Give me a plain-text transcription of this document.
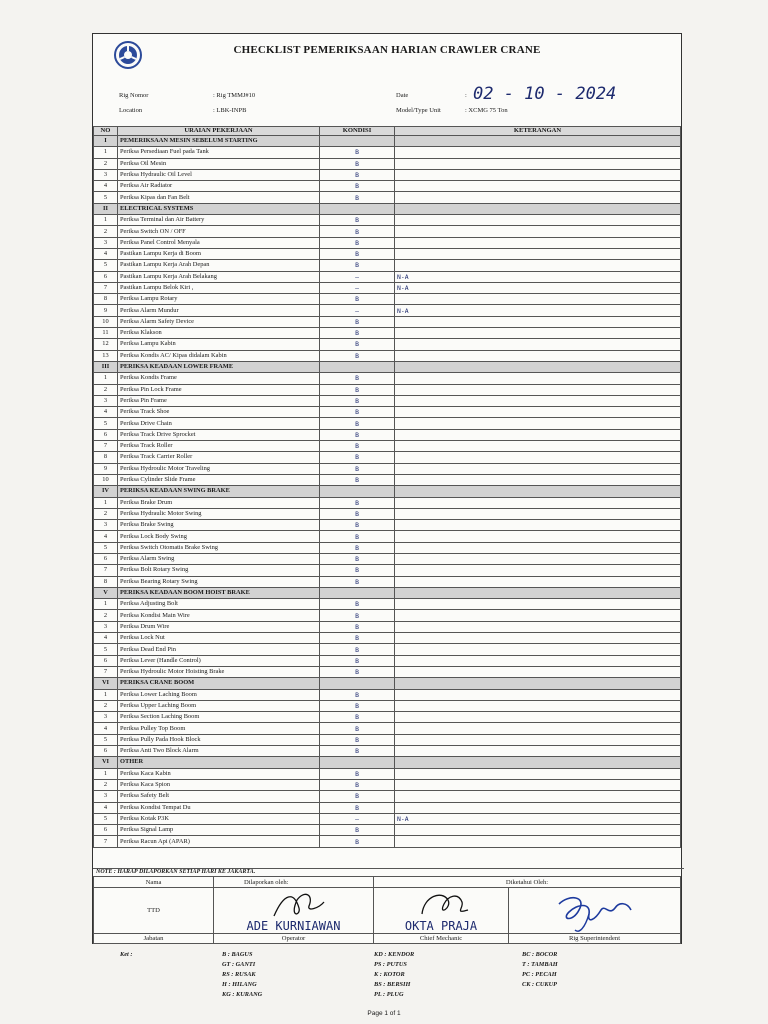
CHECKLIST PEMERIKSAAN HARIAN CRAWLER CRANE
Rig Nomor	: Rig TMMJ#10
Location	: LBK-INPB
Date	: 02 - 10 - 2024
Model/Type Unit	: XCMG 75 Ton
NO	URAIAN PEKERJAAN	KONDISI	KETERANGAN
I	PEMERIKSAAN MESIN SEBELUM STARTING		
1	Periksa Persediaan Fuel pada Tank	B	
2	Periksa Oil Mesin	B	
3	Periksa Hydraulic Oil Level	B	
4	Periksa Air Radiator	B	
5	Periksa Kipas dan Fan Belt	B	
II	ELECTRICAL SYSTEMS		
1	Periksa Terminal dan Air Battery	B	
2	Periksa Switch ON / OFF	B	
3	Periksa Panel Control Menyala	B	
4	Pastikan Lampu Kerja di Boom	B	
5	Pastikan Lampu Kerja Arah Depan	B	
6	Pastikan Lampu Kerja Arah Belakang	—	N-A
7	Pastikan Lampu Belok Kiri ,	—	N-A
8	Periksa Lampu Rotary	B	
9	Periksa Alarm Mundur	—	N-A
10	Periksa Alarm Safety Device	B	
11	Periksa Klakson	B	
12	Periksa Lampu Kabin	B	
13	Periksa Kondis AC/ Kipas didalam Kabin	B	
III	PERIKSA KEADAAN LOWER FRAME		
1	Periksa Kondis Frame	B	
2	Periksa Pin Lock Frame	B	
3	Periksa Pin Frame	B	
4	Periksa Track Shoe	B	
5	Periksa Drive Chain	B	
6	Periksa Track Drive Sprocket	B	
7	Periksa Track Roller	B	
8	Periksa Track Carrier Roller	B	
9	Periksa Hydroulic Motor Traveling	B	
10	Periksa Cylinder Slide Frame	B	
IV	PERIKSA KEADAAN SWING BRAKE		
1	Periksa Brake Drum	B	
2	Periksa Hydraulic Motor Swing	B	
3	Periksa Brake Swing	B	
4	Periksa Lock Body Swing	B	
5	Periksa Switch Otomatis Brake Swing	B	
6	Periksa Alarm Swing	B	
7	Periksa Bolt Rotary Swing	B	
8	Periksa Bearing Rotary Swing	B	
V	PERIKSA KEADAAN BOOM HOIST BRAKE		
1	Periksa Adjusting Bolt	B	
2	Periksa Kondisi Main Wire	B	
3	Periksa Drum Wire	B	
4	Periksa Lock Nut	B	
5	Periksa Dead End Pin	B	
6	Periksa Lever (Handle Control)	B	
7	Periksa Hydroulic Motor Hoisting Brake	B	
VI	PERIKSA CRANE BOOM		
1	Periksa Lower Laching Boom	B	
2	Periksa Upper Laching Boom	B	
3	Periksa Section Laching Boom	B	
4	Periksa Pulley Top Boom	B	
5	Periksa Pully Pada Hook Block	B	
6	Periksa Anti Two Block Alarm	B	
VI	OTHER		
1	Periksa Kaca Kabin	B	
2	Periksa Kaca Spion	B	
3	Periksa Safety Belt	B	
4	Periksa Kondisi Tempat Du	B	
5	Periksa Kotak P3K	—	N-A
6	Periksa Signal Lamp	B	
7	Periksa Racun Api (APAR)	B	
NOTE : HARAP DILAPORKAN SETIAP HARI KE JAKARTA.
Nama	Dilaporkan oleh:	Diketahui Oleh:	
TTD	ADE KURNIAWAN	OKTA PRAJA	

Jabatan	Operator	Chief Mechanic	Rig Superintendent
Ket :	B : BAGUS
GT : GANTI
RS : RUSAK
H : HILANG
KG : KURANG
KD : KENDOR
PS : PUTUS
K : KOTOR
BS : BERSIH
PL : PLUG
BC : BOCOR
T : TAMBAH
PC : PECAH
CK : CUKUP
Page 1 of 1
